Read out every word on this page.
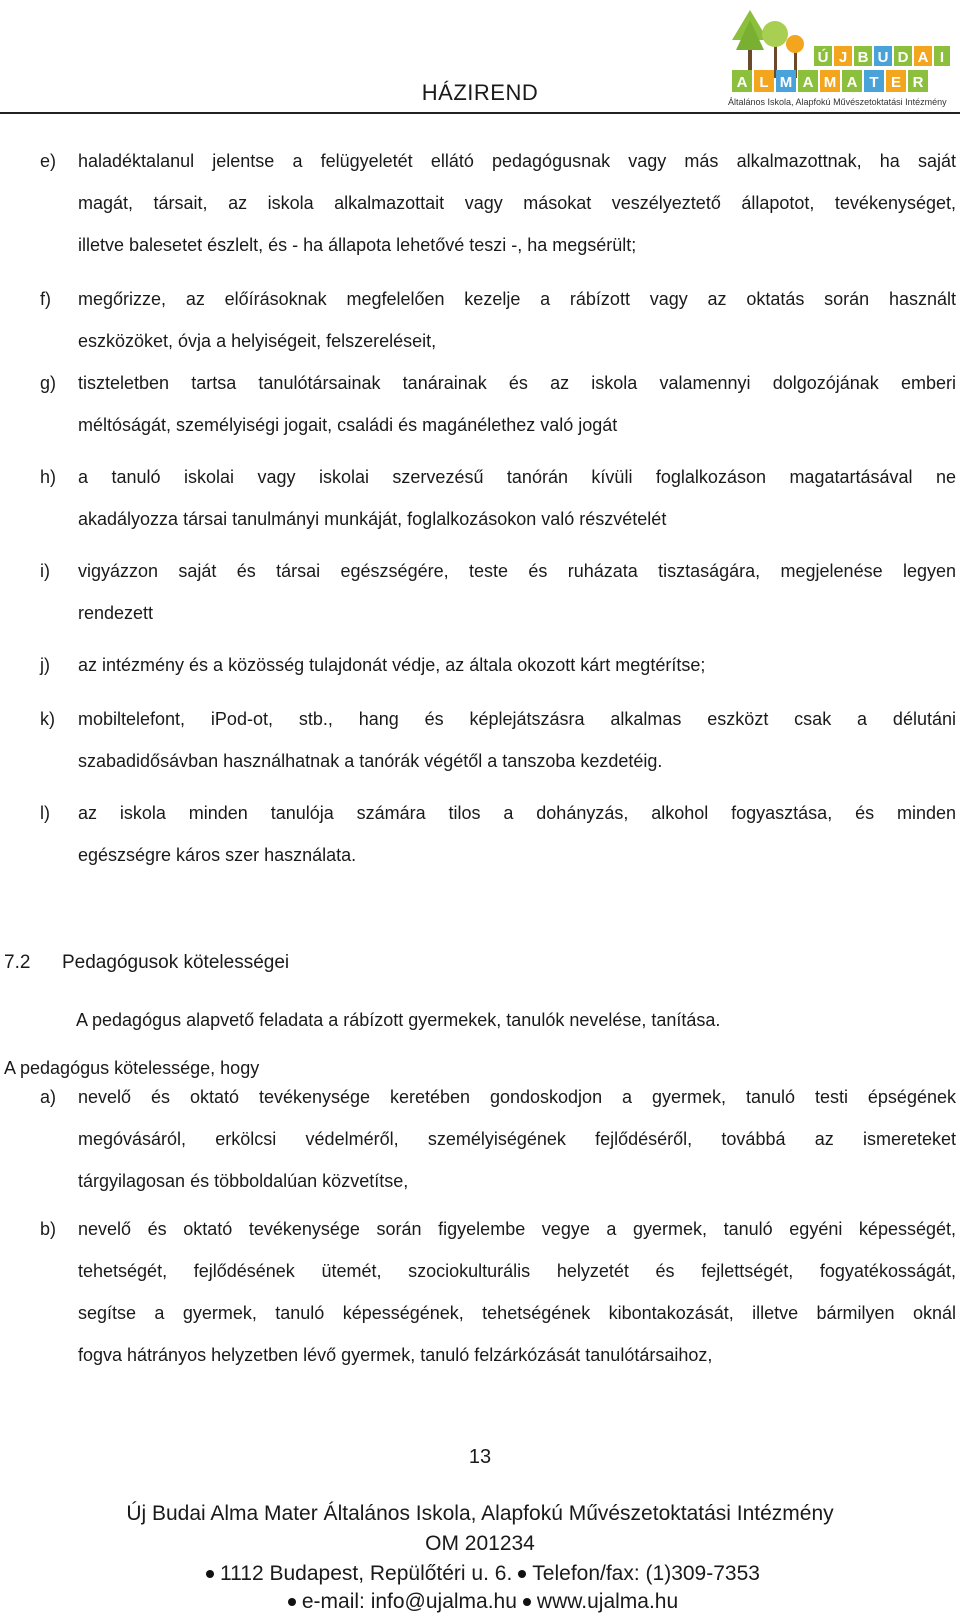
HÁZIREND
Ú J B U D A I
A L M A M A T E R
Általános Iskola, Alapfokú Művészetoktatási Intézmény
e) haladéktalanul jelentse a felügyeletét ellátó pedagógusnak vagy más alkalmazottnak, ha saját
magát, társait, az iskola alkalmazottait vagy másokat veszélyeztető állapotot, tevékenységet,
illetve balesetet észlelt, és - ha állapota lehetővé teszi -, ha megsérült;
f) megőrizze, az előírásoknak megfelelően kezelje a rábízott vagy az oktatás során használt
eszközöket, óvja a helyiségeit, felszereléseit,
g) tiszteletben tartsa tanulótársainak tanárainak és az iskola valamennyi dolgozójának emberi
méltóságát, személyiségi jogait, családi és magánélethez való jogát
h) a tanuló iskolai vagy iskolai szervezésű tanórán kívüli foglalkozáson magatartásával ne
akadályozza társai tanulmányi munkáját, foglalkozásokon való részvételét
i) vigyázzon saját és társai egészségére, teste és ruházata tisztaságára, megjelenése legyen
rendezett
j) az intézmény és a közösség tulajdonát védje, az általa okozott kárt megtérítse;
k) mobiltelefont, iPod-ot, stb., hang és képlejátszásra alkalmas eszközt csak a délutáni
szabadidősávban használhatnak a tanórák végétől a tanszoba kezdetéig.
l) az iskola minden tanulója számára tilos a dohányzás, alkohol fogyasztása, és minden
egészségre káros szer használata.
7.2 Pedagógusok kötelességei
A pedagógus alapvető feladata a rábízott gyermekek, tanulók nevelése, tanítása.
A pedagógus kötelessége, hogy
a) nevelő és oktató tevékenysége keretében gondoskodjon a gyermek, tanuló testi épségének
megóvásáról, erkölcsi védelméről, személyiségének fejlődéséről, továbbá az ismereteket
tárgyilagosan és többoldalúan közvetítse,
b) nevelő és oktató tevékenysége során figyelembe vegye a gyermek, tanuló egyéni képességét,
tehetségét, fejlődésének ütemét, szociokulturális helyzetét és fejlettségét, fogyatékosságát,
segítse a gyermek, tanuló képességének, tehetségének kibontakozását, illetve bármilyen oknál
fogva hátrányos helyzetben lévő gyermek, tanuló felzárkózását tanulótársaihoz,
13
Új Budai Alma Mater Általános Iskola, Alapfokú Művészetoktatási Intézmény
OM 201234
1112 Budapest, Repülőtéri u. 6. Telefon/fax: (1)309-7353
e-mail: info@ujalma.hu www.ujalma.hu
